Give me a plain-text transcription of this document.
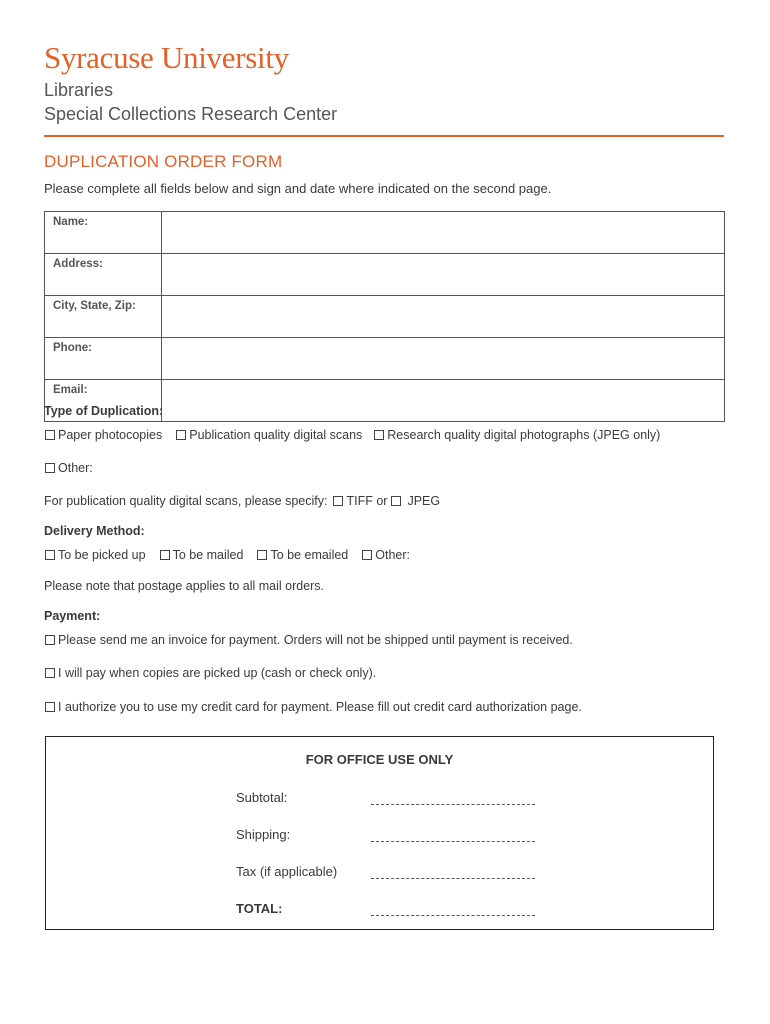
Syracuse University
Libraries
Special Collections Research Center
DUPLICATION ORDER FORM
Please complete all fields below and sign and date where indicated on the second page.
Name:	
Address:	
City, State, Zip:	
Phone:	
Email:	
Type of Duplication:
Paper photocopies Publication quality digital scans Research quality digital photographs (JPEG only)
Other:
For publication quality digital scans, please specify: TIFF or JPEG
Delivery Method:
To be picked up To be mailed To be emailed Other:
Please note that postage applies to all mail orders.
Payment:
Please send me an invoice for payment. Orders will not be shipped until payment is received.
I will pay when copies are picked up (cash or check only).
I authorize you to use my credit card for payment. Please fill out credit card authorization page.
FOR OFFICE USE ONLY
Subtotal:
Shipping:
Tax (if applicable)
TOTAL:
